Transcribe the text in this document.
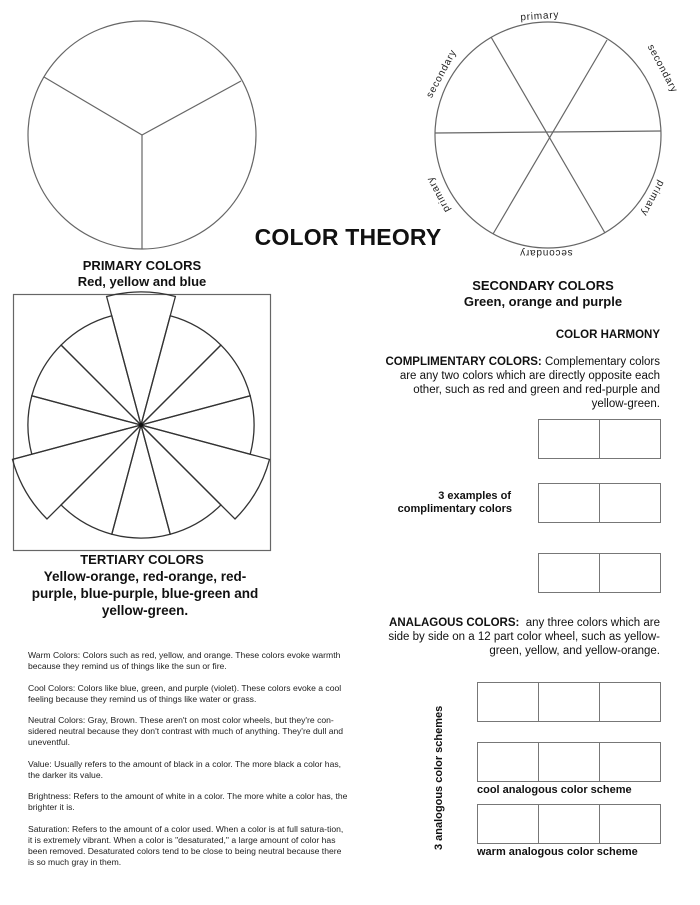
primary
secondary
primary
secondary
primary
secondary
COLOR THEORY
PRIMARY COLORS
Red, yellow and blue	SECONDARY COLORS
Green, orange and purple
TERTIARY COLORS
Yellow-orange, red-orange, red-
purple, blue-purple, blue-green and
yellow-green.
COLOR HARMONY
COMPLIMENTARY COLORS: Complementary colors
are any two colors which are directly opposite each
other, such as red and green and red-purple and
yellow-green.
3 examples of
complimentary colors
ANALAGOUS COLORS: any three colors which are
side by side on a 12 part color wheel, such as yellow-
green, yellow, and yellow-orange.
cool analogous color scheme
warm analogous color scheme
3 analogous color schemes

Warm Colors: Colors such as red, yellow, and orange. These colors evoke warmth because they remind us of things like the sun or fire.

Cool Colors: Colors like blue, green, and purple (violet). These colors evoke a cool feeling because they remind us of things like water or grass.

Neutral Colors: Gray, Brown. These aren't on most color wheels, but they're con-sidered neutral because they don't contrast with much of anything. They're dull and uneventful.

Value: Usually refers to the amount of black in a color. The more black a color has, the darker its value.

Brightness: Refers to the amount of white in a color. The more white a color has, the brighter it is.

Saturation: Refers to the amount of a color used. When a color is at full satura-tion, it is extremely vibrant. When a color is "desaturated," a large amount of color has been removed. Desaturated colors tend to be close to being neutral because there is so much gray in them.
